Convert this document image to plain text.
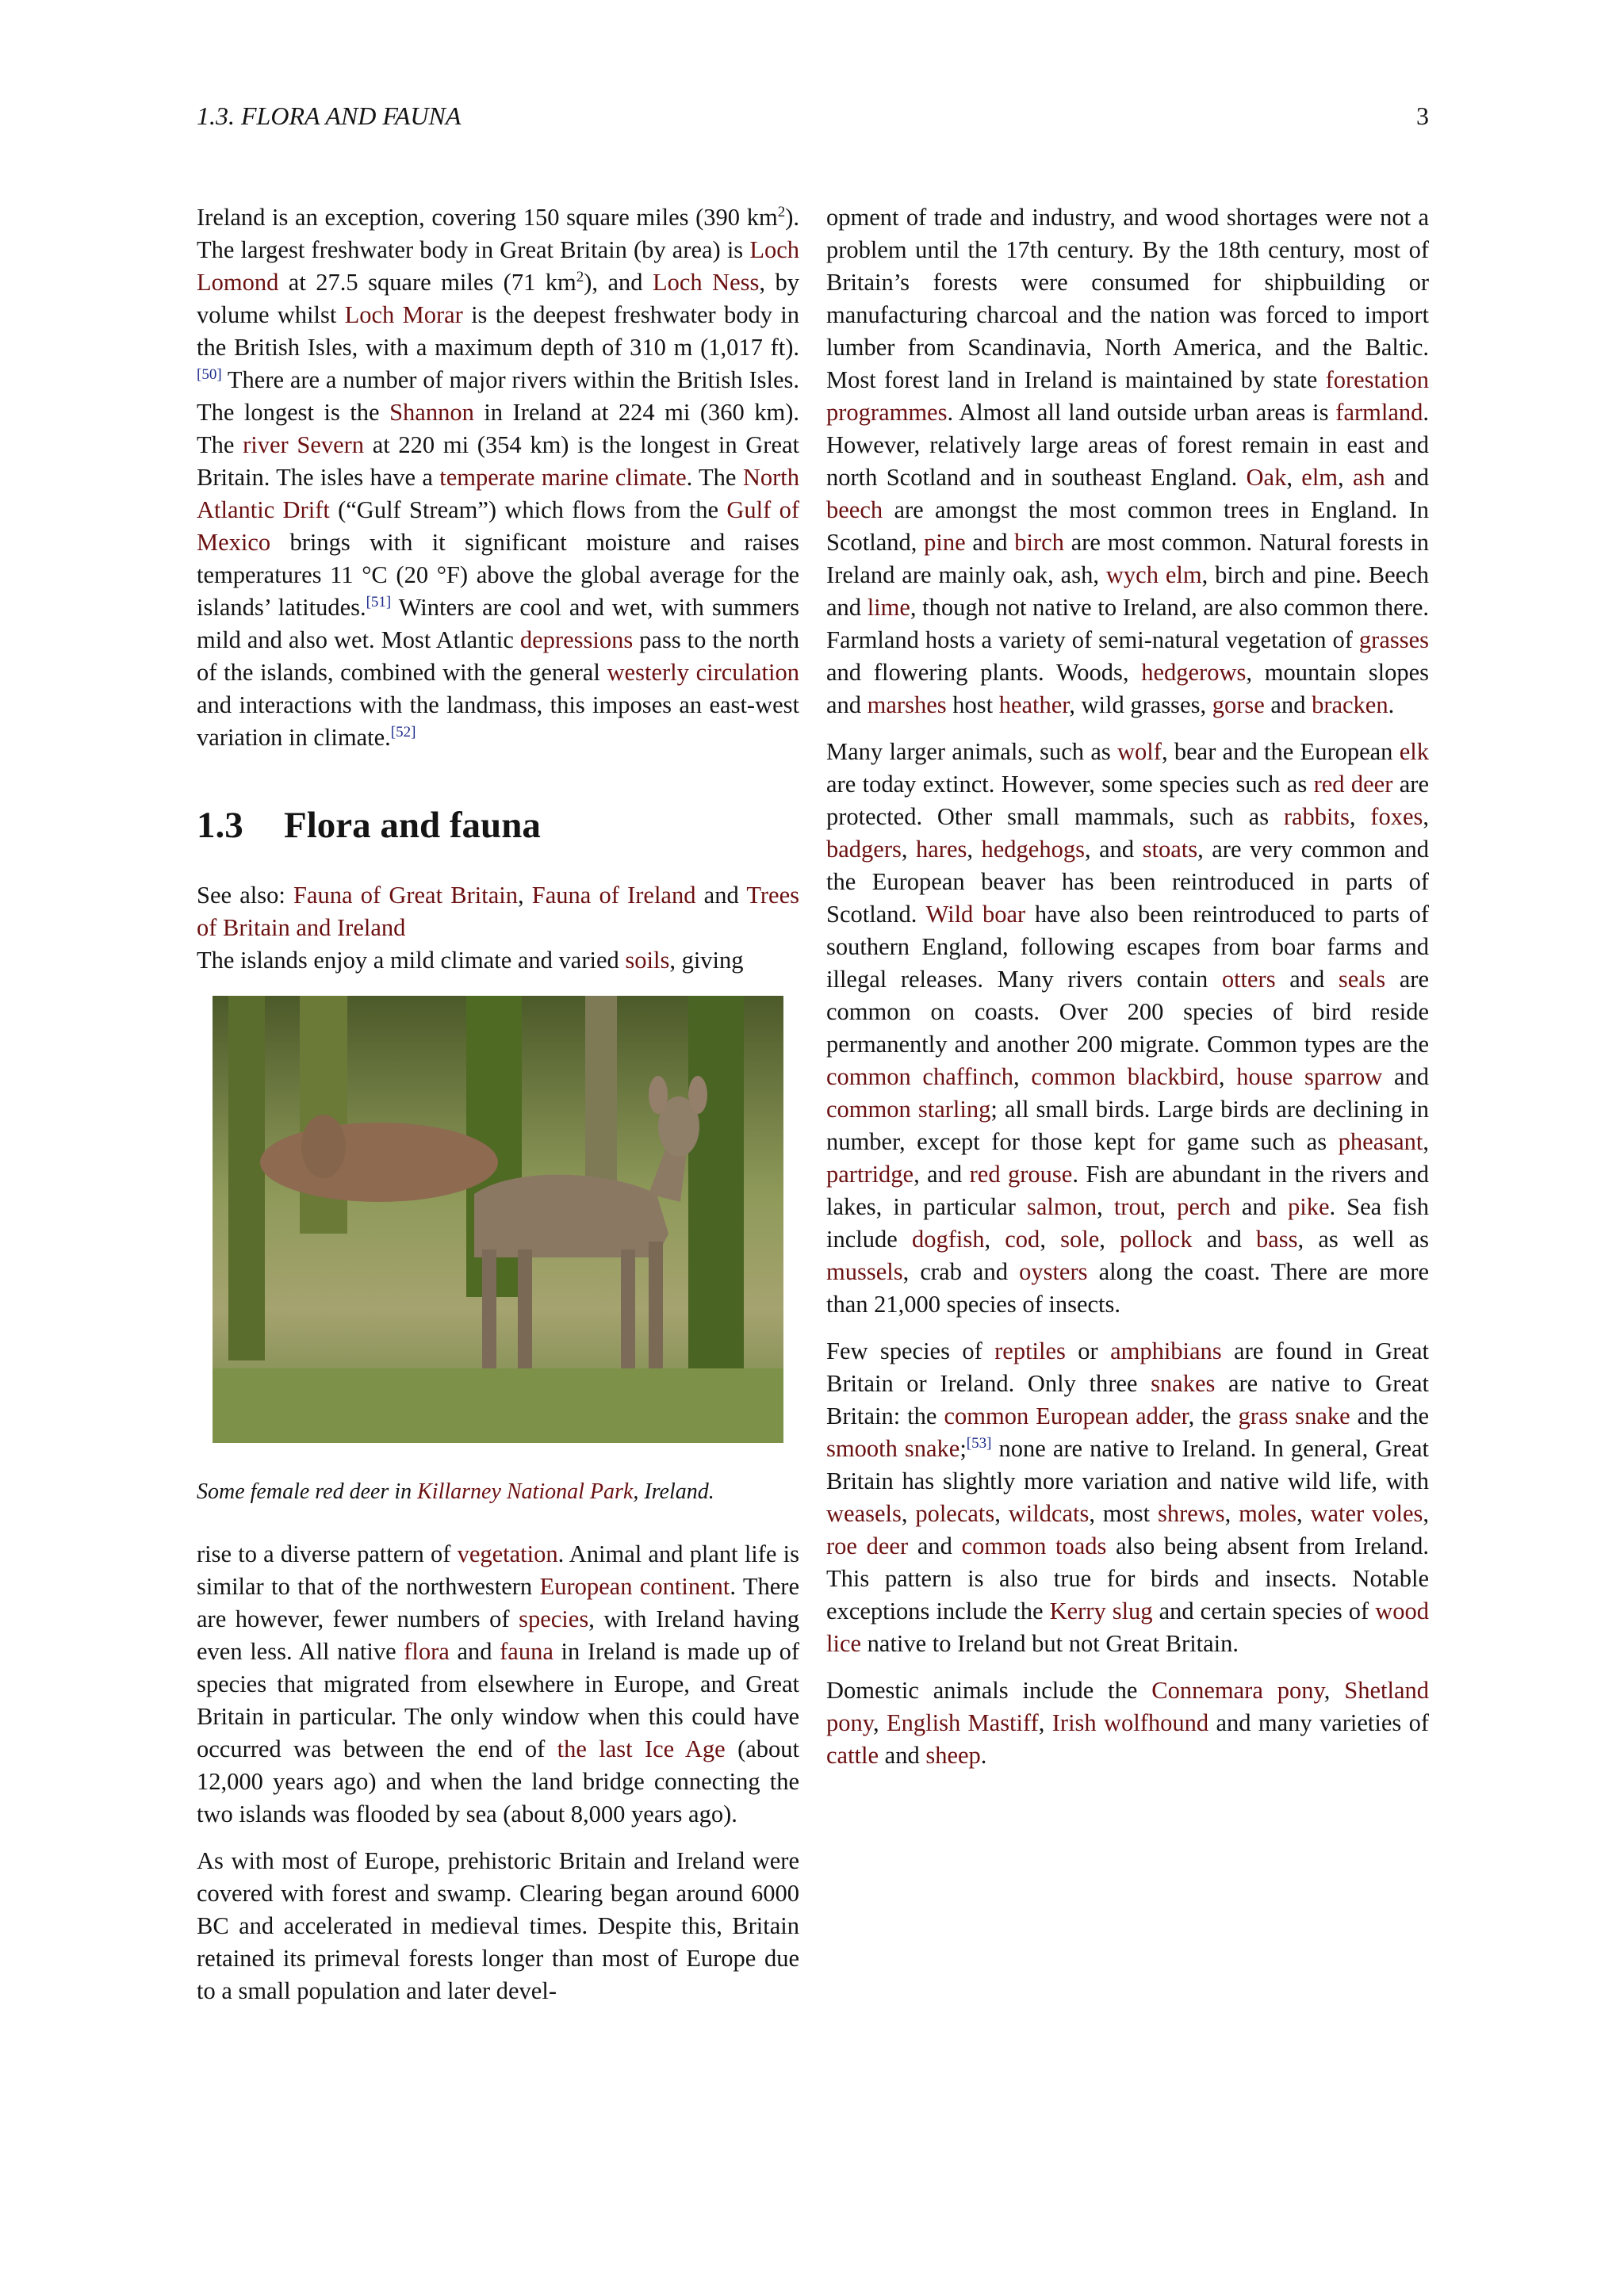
1.3. FLORA AND FAUNA	3

Ireland is an exception, covering 150 square miles (390 $km^2$). The largest freshwater body in Great Britain (by area) is Loch Lomond at 27.5 square miles (71 $km^2$), and Loch Ness, by volume whilst Loch Morar is the deepest freshwater body in the British Isles, with a maximum depth of 310 m (1,017 ft).[50] There are a number of major rivers within the British Isles. The longest is the Shannon in Ireland at 224 mi (360 km). The river Severn at 220 mi (354 km) is the longest in Great Britain. The isles have a temperate marine climate. The North Atlantic Drift (“Gulf Stream”) which flows from the Gulf of Mexico brings with it significant moisture and raises temperatures 11 °C (20 °F) above the global average for the islands’ latitudes.[51] Winters are cool and wet, with summers mild and also wet. Most Atlantic depressions pass to the north of the islands, combined with the general westerly circulation and interactions with the landmass, this imposes an east-west variation in climate.[52]

1.3 Flora and fauna

See also: Fauna of Great Britain, Fauna of Ireland and Trees of Britain and Ireland

The islands enjoy a mild climate and varied soils, giving

Some female red deer in Killarney National Park, Ireland.

rise to a diverse pattern of vegetation. Animal and plant life is similar to that of the northwestern European continent. There are however, fewer numbers of species, with Ireland having even less. All native flora and fauna in Ireland is made up of species that migrated from elsewhere in Europe, and Great Britain in particular. The only window when this could have occurred was between the end of the last Ice Age (about 12,000 years ago) and when the land bridge connecting the two islands was flooded by sea (about 8,000 years ago).

As with most of Europe, prehistoric Britain and Ireland were covered with forest and swamp. Clearing began around 6000 BC and accelerated in medieval times. Despite this, Britain retained its primeval forests longer than most of Europe due to a small population and later devel-

opment of trade and industry, and wood shortages were not a problem until the 17th century. By the 18th century, most of Britain’s forests were consumed for shipbuilding or manufacturing charcoal and the nation was forced to import lumber from Scandinavia, North America, and the Baltic. Most forest land in Ireland is maintained by state forestation programmes. Almost all land outside urban areas is farmland. However, relatively large areas of forest remain in east and north Scotland and in southeast England. Oak, elm, ash and beech are amongst the most common trees in England. In Scotland, pine and birch are most common. Natural forests in Ireland are mainly oak, ash, wych elm, birch and pine. Beech and lime, though not native to Ireland, are also common there. Farmland hosts a variety of semi-natural vegetation of grasses and flowering plants. Woods, hedgerows, mountain slopes and marshes host heather, wild grasses, gorse and bracken.

Many larger animals, such as wolf, bear and the European elk are today extinct. However, some species such as red deer are protected. Other small mammals, such as rabbits, foxes, badgers, hares, hedgehogs, and stoats, are very common and the European beaver has been reintroduced in parts of Scotland. Wild boar have also been reintroduced to parts of southern England, following escapes from boar farms and illegal releases. Many rivers contain otters and seals are common on coasts. Over 200 species of bird reside permanently and another 200 migrate. Common types are the common chaffinch, common blackbird, house sparrow and common starling; all small birds. Large birds are declining in number, except for those kept for game such as pheasant, partridge, and red grouse. Fish are abundant in the rivers and lakes, in particular salmon, trout, perch and pike. Sea fish include dogfish, cod, sole, pollock and bass, as well as mussels, crab and oysters along the coast. There are more than 21,000 species of insects.

Few species of reptiles or amphibians are found in Great Britain or Ireland. Only three snakes are native to Great Britain: the common European adder, the grass snake and the smooth snake;[53] none are native to Ireland. In general, Great Britain has slightly more variation and native wild life, with weasels, polecats, wildcats, most shrews, moles, water voles, roe deer and common toads also being absent from Ireland. This pattern is also true for birds and insects. Notable exceptions include the Kerry slug and certain species of wood lice native to Ireland but not Great Britain.

Domestic animals include the Connemara pony, Shetland pony, English Mastiff, Irish wolfhound and many varieties of cattle and sheep.
